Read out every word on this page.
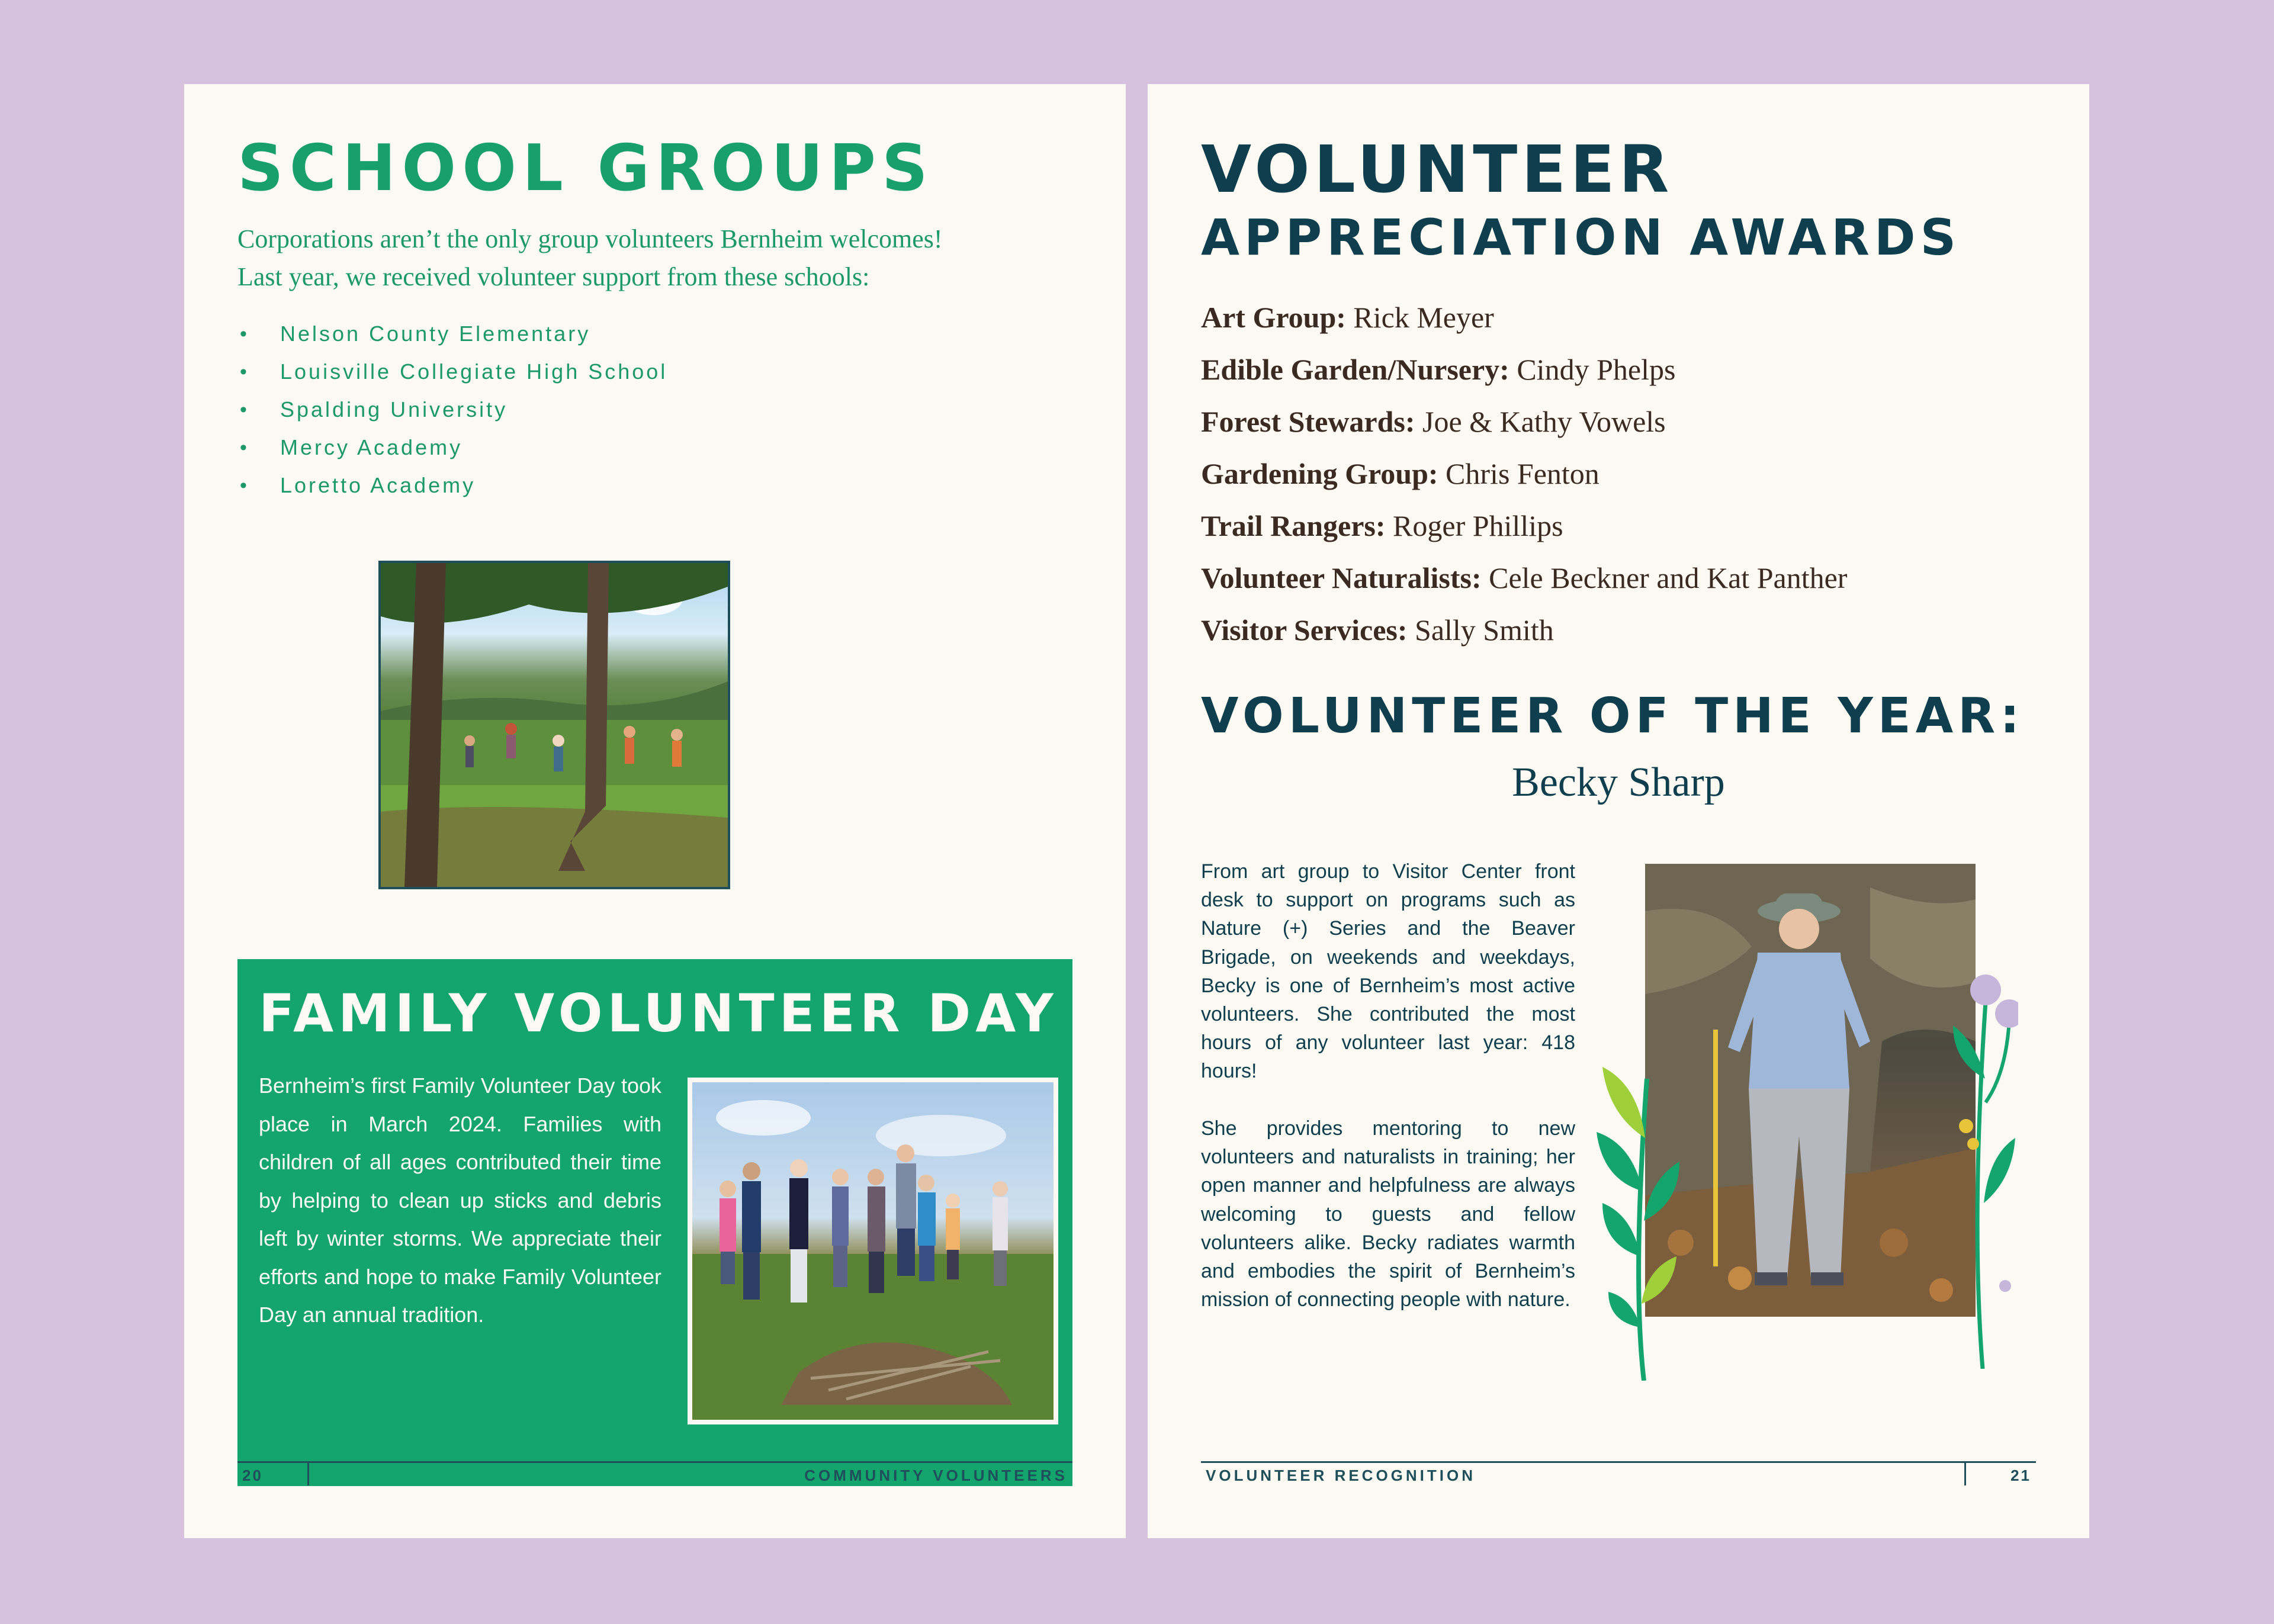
SCHOOL GROUPS

Corporations aren’t the only group volunteers Bernheim welcomes!
Last year, we received volunteer support from these schools:

• Nelson County Elementary
• Louisville Collegiate High School
• Spalding University
• Mercy Academy
• Loretto Academy
FAMILY VOLUNTEER DAY

Bernheim’s first Family Volunteer Day took place in March 2024. Families with children of all ages contributed their time by helping to clean up sticks and debris left by winter storms. We appreciate their efforts and hope to make Family Volunteer Day an annual tradition.

20	COMMUNITY VOLUNTEERS
VOLUNTEER
APPRECIATION AWARDS
Art Group: Rick Meyer
Edible Garden/Nursery: Cindy Phelps
Forest Stewards: Joe & Kathy Vowels
Gardening Group: Chris Fenton
Trail Rangers: Roger Phillips
Volunteer Naturalists: Cele Beckner and Kat Panther
Visitor Services: Sally Smith
VOLUNTEER OF THE YEAR:

Becky Sharp

From art group to Visitor Center front desk to support on programs such as Nature (+) Series and the Beaver Brigade, on weekends and weekdays, Becky is one of Bernheim’s most active volunteers. She contributed the most hours of any volunteer last year: 418 hours!

She provides mentoring to new volunteers and naturalists in training; her open manner and helpfulness are always welcoming to guests and fellow volunteers alike. Becky radiates warmth and embodies the spirit of Bernheim’s mission of connecting people with nature.

VOLUNTEER RECOGNITION	21
